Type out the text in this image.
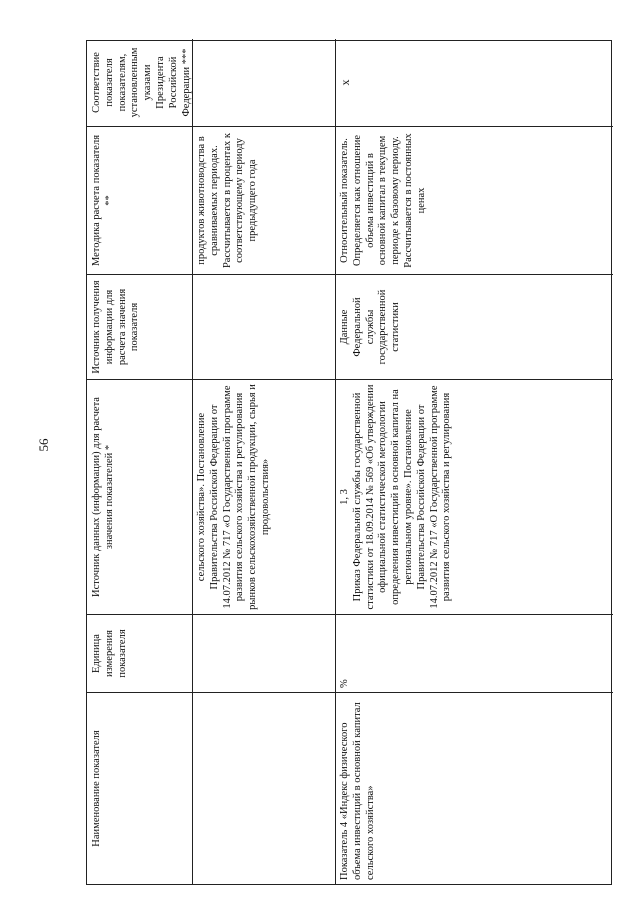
56
Наименование показателя
Единица измерения показателя
Источник данных (информации) для расчета значения показателей *
Источник получения информации для расчета значения показателя
Методика расчета показателя **
Соответствие показателя показателям, установленным указами Президента Российской Федерации ***
сельского хозяйства». Постановление Правительства Российской Федерации от 14.07.2012 № 717 «О Государственной программе развития сельского хозяйства и регулирования рынков сельскохозяйственной продукции, сырья и продовольствия»
продуктов животноводства в сравниваемых периодах. Рассчитывается в процентах к соответствующему периоду предыдущего года
Показатель 4 «Индекс физического объема инвестиций в основной капитал сельского хозяйства»
%
1, 3 Приказ Федеральной службы государственной статистики от 18.09.2014 № 569 «Об утверждении официальной статистической методологии определения инвестиций в основной капитал на региональном уровне». Постановление Правительства Российской Федерации от 14.07.2012 № 717 «О Государственной программе развития сельского хозяйства и регулирования
Данные Федеральной службы государственной статистики
Относительный показатель. Определяется как отношение объема инвестиций в основной капитал в текущем периоде к базовому периоду. Рассчитывается в постоянных ценах
х
